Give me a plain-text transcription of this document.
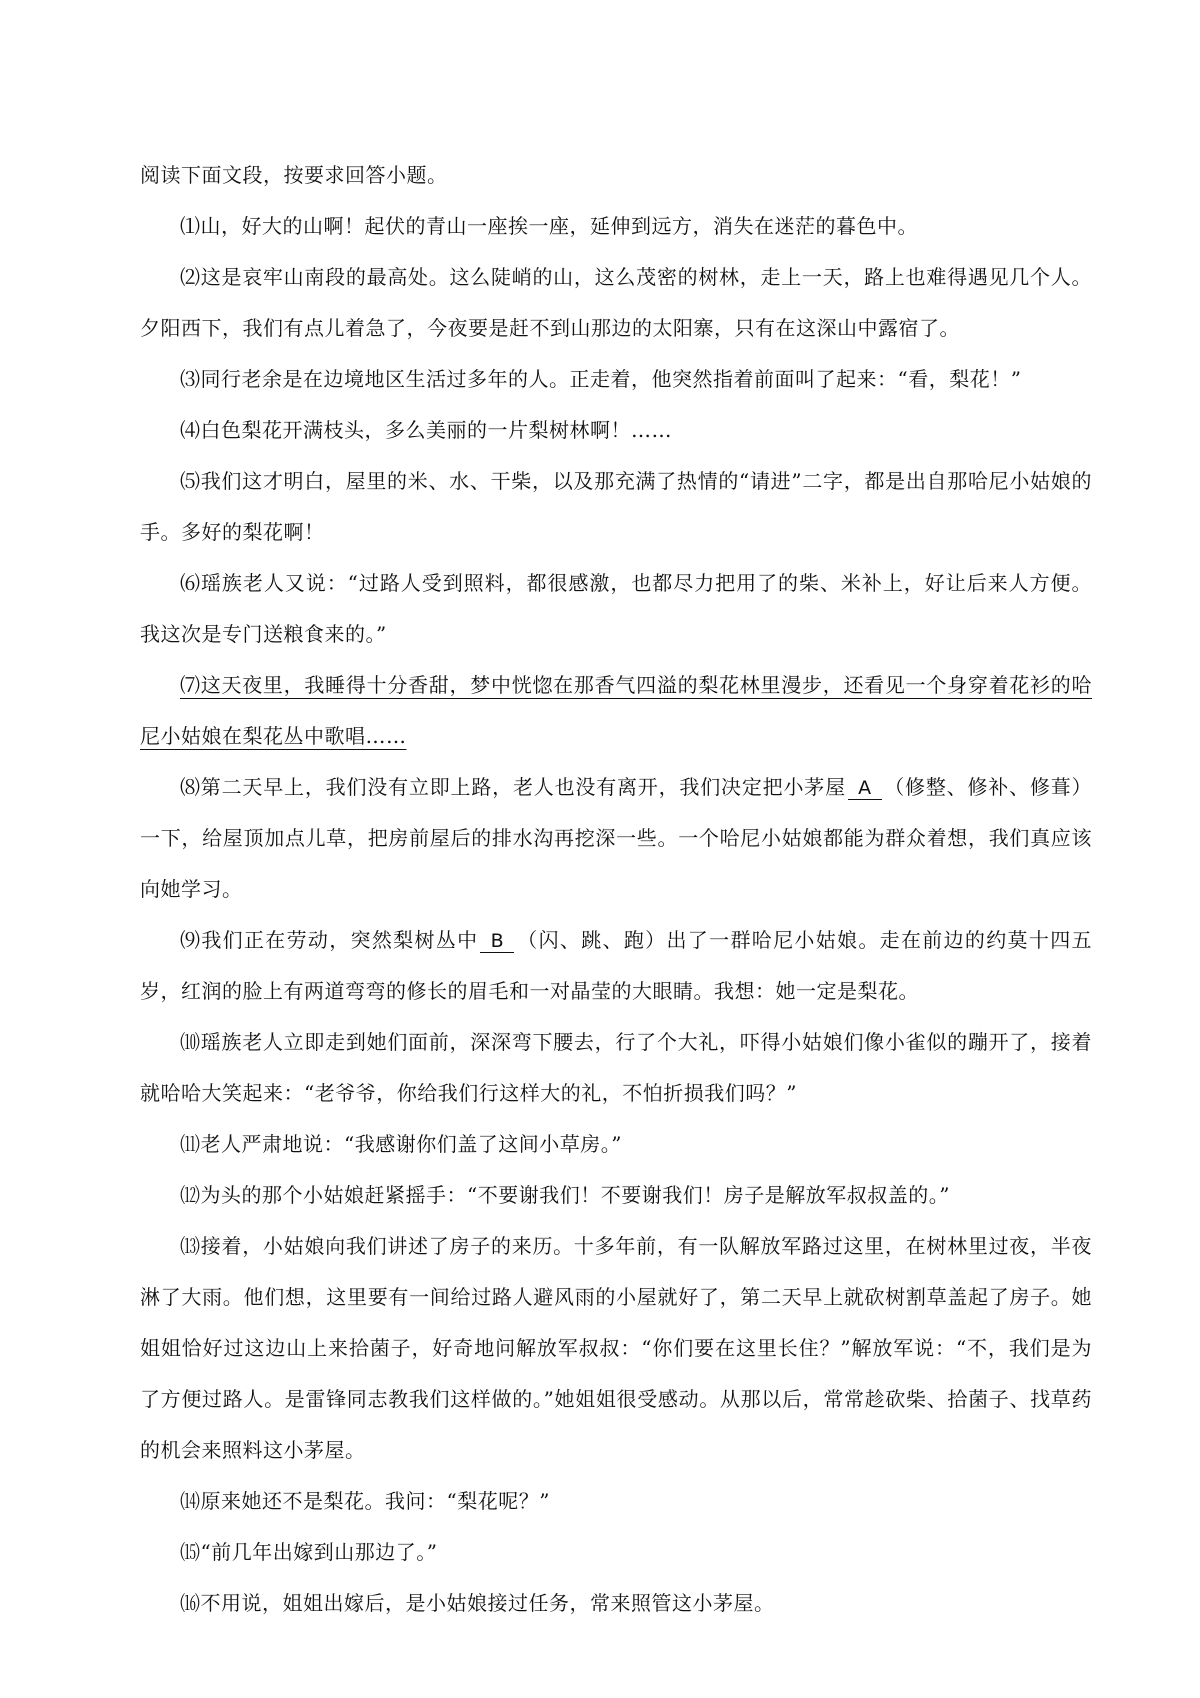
阅读下面文段，按要求回答小题。

⑴山，好大的山啊！起伏的青山一座挨一座，延伸到远方，消失在迷茫的暮色中。

⑵这是哀牢山南段的最高处。这么陡峭的山，这么茂密的树林，走上一天，路上也难得遇见几个人。夕阳西下，我们有点儿着急了，今夜要是赶不到山那边的太阳寨，只有在这深山中露宿了。

⑶同行老余是在边境地区生活过多年的人。正走着，他突然指着前面叫了起来：“看，梨花！”

⑷白色梨花开满枝头，多么美丽的一片梨树林啊！……

⑸我们这才明白，屋里的米、水、干柴，以及那充满了热情的“请进”二字，都是出自那哈尼小姑娘的手。多好的梨花啊！

⑹瑶族老人又说：“过路人受到照料，都很感激，也都尽力把用了的柴、米补上，好让后来人方便。我这次是专门送粮食来的。”

⑺这天夜里，我睡得十分香甜，梦中恍惚在那香气四溢的梨花林里漫步，还看见一个身穿着花衫的哈尼小姑娘在梨花丛中歌唱……

⑻第二天早上，我们没有立即上路，老人也没有离开，我们决定把小茅屋 A （修整、修补、修葺）一下，给屋顶加点儿草，把房前屋后的排水沟再挖深一些。一个哈尼小姑娘都能为群众着想，我们真应该向她学习。

⑼我们正在劳动，突然梨树丛中 B （闪、跳、跑）出了一群哈尼小姑娘。走在前边的约莫十四五岁，红润的脸上有两道弯弯的修长的眉毛和一对晶莹的大眼睛。我想：她一定是梨花。

⑽瑶族老人立即走到她们面前，深深弯下腰去，行了个大礼，吓得小姑娘们像小雀似的蹦开了，接着就哈哈大笑起来：“老爷爷，你给我们行这样大的礼，不怕折损我们吗？”

⑾老人严肃地说：“我感谢你们盖了这间小草房。”

⑿为头的那个小姑娘赶紧摇手：“不要谢我们！不要谢我们！房子是解放军叔叔盖的。”

⒀接着，小姑娘向我们讲述了房子的来历。十多年前，有一队解放军路过这里，在树林里过夜，半夜淋了大雨。他们想，这里要有一间给过路人避风雨的小屋就好了，第二天早上就砍树割草盖起了房子。她姐姐恰好过这边山上来拾菌子，好奇地问解放军叔叔：“你们要在这里长住？”解放军说：“不，我们是为了方便过路人。是雷锋同志教我们这样做的。”她姐姐很受感动。从那以后，常常趁砍柴、拾菌子、找草药的机会来照料这小茅屋。

⒁原来她还不是梨花。我问：“梨花呢？”

⒂“前几年出嫁到山那边了。”

⒃不用说，姐姐出嫁后，是小姑娘接过任务，常来照管这小茅屋。
